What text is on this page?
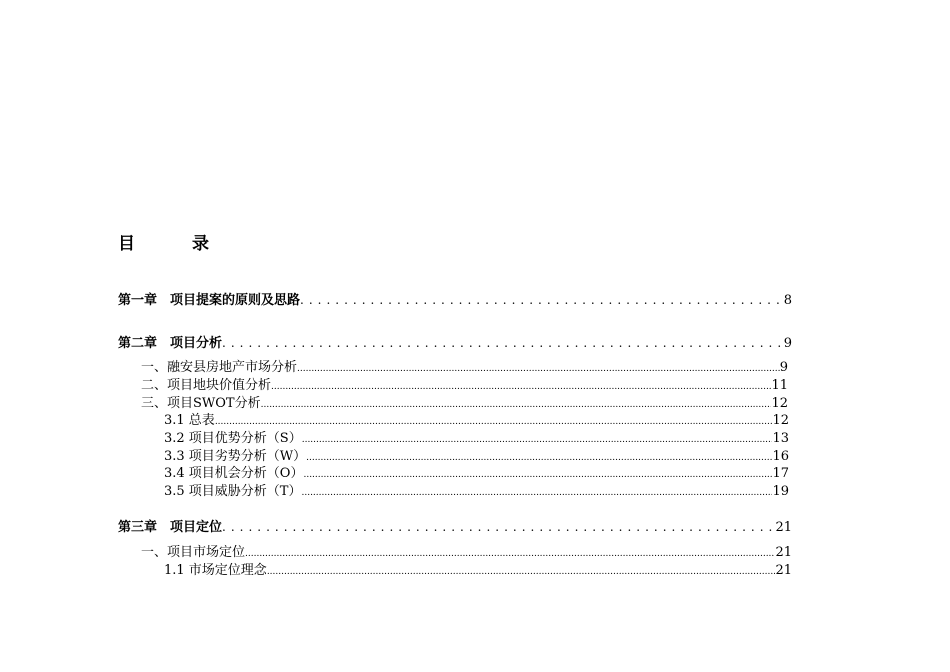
目　录
第一章　项目提案的原则及思路 .....	8
第二章　项目分析 .....	9
一、融安县房地产市场分析 .....	9
二、项目地块价值分析 .....	11
三、项目SWOT分析 .....	12
3.1 总表 .....	12
3.2 项目优势分析（S） .....	13
3.3 项目劣势分析（W） .....	16
3.4 项目机会分析（O） .....	17
3.5 项目威胁分析（T） .....	19
第三章　项目定位 .....	21
一、项目市场定位 .....	21
1.1 市场定位理念 .....	21
